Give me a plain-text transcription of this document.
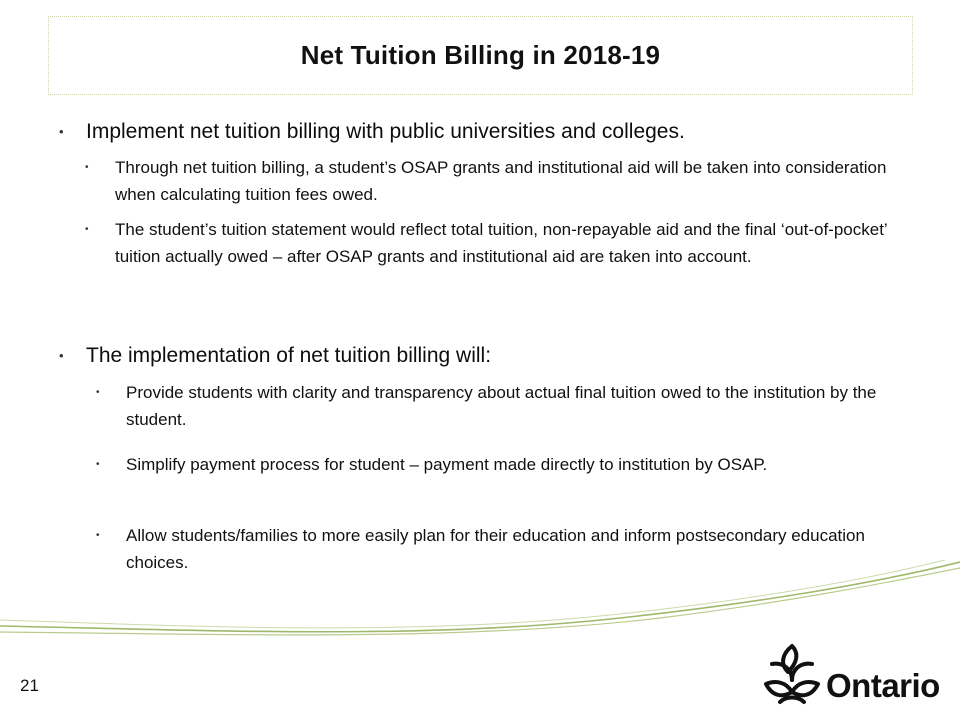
Net Tuition Billing in 2018-19

• Implement net tuition billing with public universities and colleges.

• Through net tuition billing, a student’s OSAP grants and institutional aid will be taken into consideration when calculating tuition fees owed.

• The student’s tuition statement would reflect total tuition, non-repayable aid and the final ‘out-of-pocket’ tuition actually owed – after OSAP grants and institutional aid are taken into account.

• The implementation of net tuition billing will:

• Provide students with clarity and transparency about actual final tuition owed to the institution by the student.

• Simplify payment process for student – payment made directly to institution by OSAP.

• Allow students/families to more easily plan for their education and inform postsecondary education choices.

21	Ontario
